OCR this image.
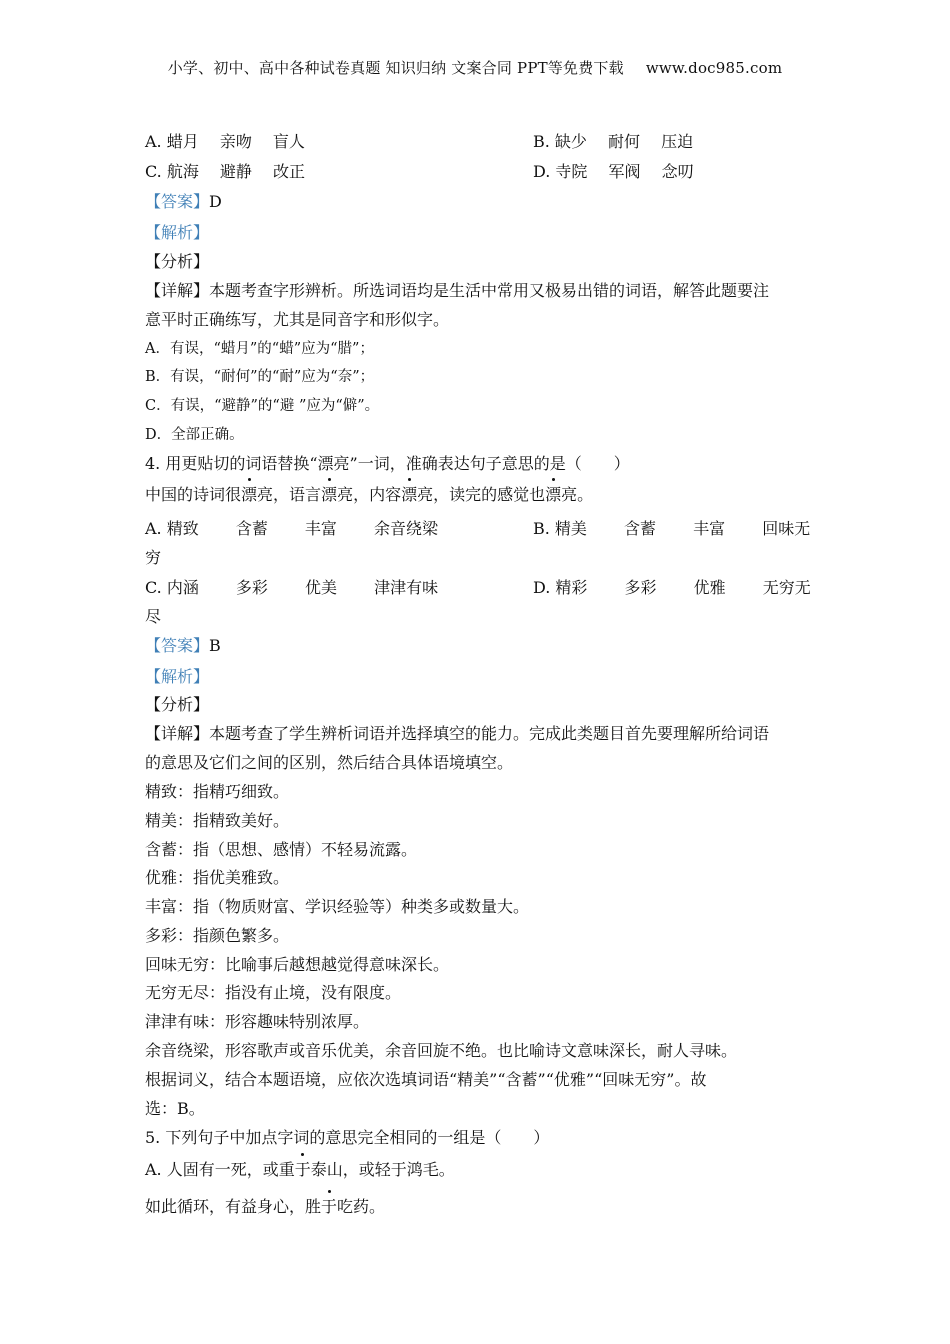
小学、初中、高中各种试卷真题 知识归纳 文案合同 PPT等免费下载 www.doc985.com
A. 蜡月　 亲吻　 盲人	B. 缺少　 耐何　 压迫
C. 航海　 避静　 改正	D. 寺院　 军阀　 念叨
【答案】D
【解析】
【分析】
【详解】本题考查字形辨析。所选词语均是生活中常用又极易出错的词语，解答此题要注
意平时正确练写，尤其是同音字和形似字。
A．有误，“蜡月”的“蜡”应为“腊”；
B．有误，“耐何”的“耐”应为“奈”；
C．有误，“避静”的“避 ”应为“僻”。
D．全部正确。
4. 用更贴切的词语替换“漂亮”一词，准确表达句子意思的是（　　）
中国的诗词很漂亮，语言漂亮，内容漂亮，读完的感觉也漂亮。
A. 精致　　 含蓄　　 丰富　　 余音绕梁	B. 精美　　 含蓄　　 丰富　　 回味无
穷
C. 内涵　　 多彩　　 优美　　 津津有味	D. 精彩　　 多彩　　 优雅　　 无穷无
尽
【答案】B
【解析】
【分析】
【详解】本题考查了学生辨析词语并选择填空的能力。完成此类题目首先要理解所给词语
的意思及它们之间的区别，然后结合具体语境填空。
精致：指精巧细致。
精美：指精致美好。
含蓄：指（思想、感情）不轻易流露。
优雅：指优美雅致。
丰富：指（物质财富、学识经验等）种类多或数量大。
多彩：指颜色繁多。
回味无穷：比喻事后越想越觉得意味深长。
无穷无尽：指没有止境，没有限度。
津津有味：形容趣味特别浓厚。
余音绕梁，形容歌声或音乐优美，余音回旋不绝。也比喻诗文意味深长，耐人寻味。
根据词义，结合本题语境，应依次选填词语“精美”“含蓄”“优雅”“回味无穷”。故
选：B。
5. 下列句子中加点字词的意思完全相同的一组是（　　）
A. 人固有一死，或重于泰山，或轻于鸿毛。
如此循环，有益身心，胜于吃药。
